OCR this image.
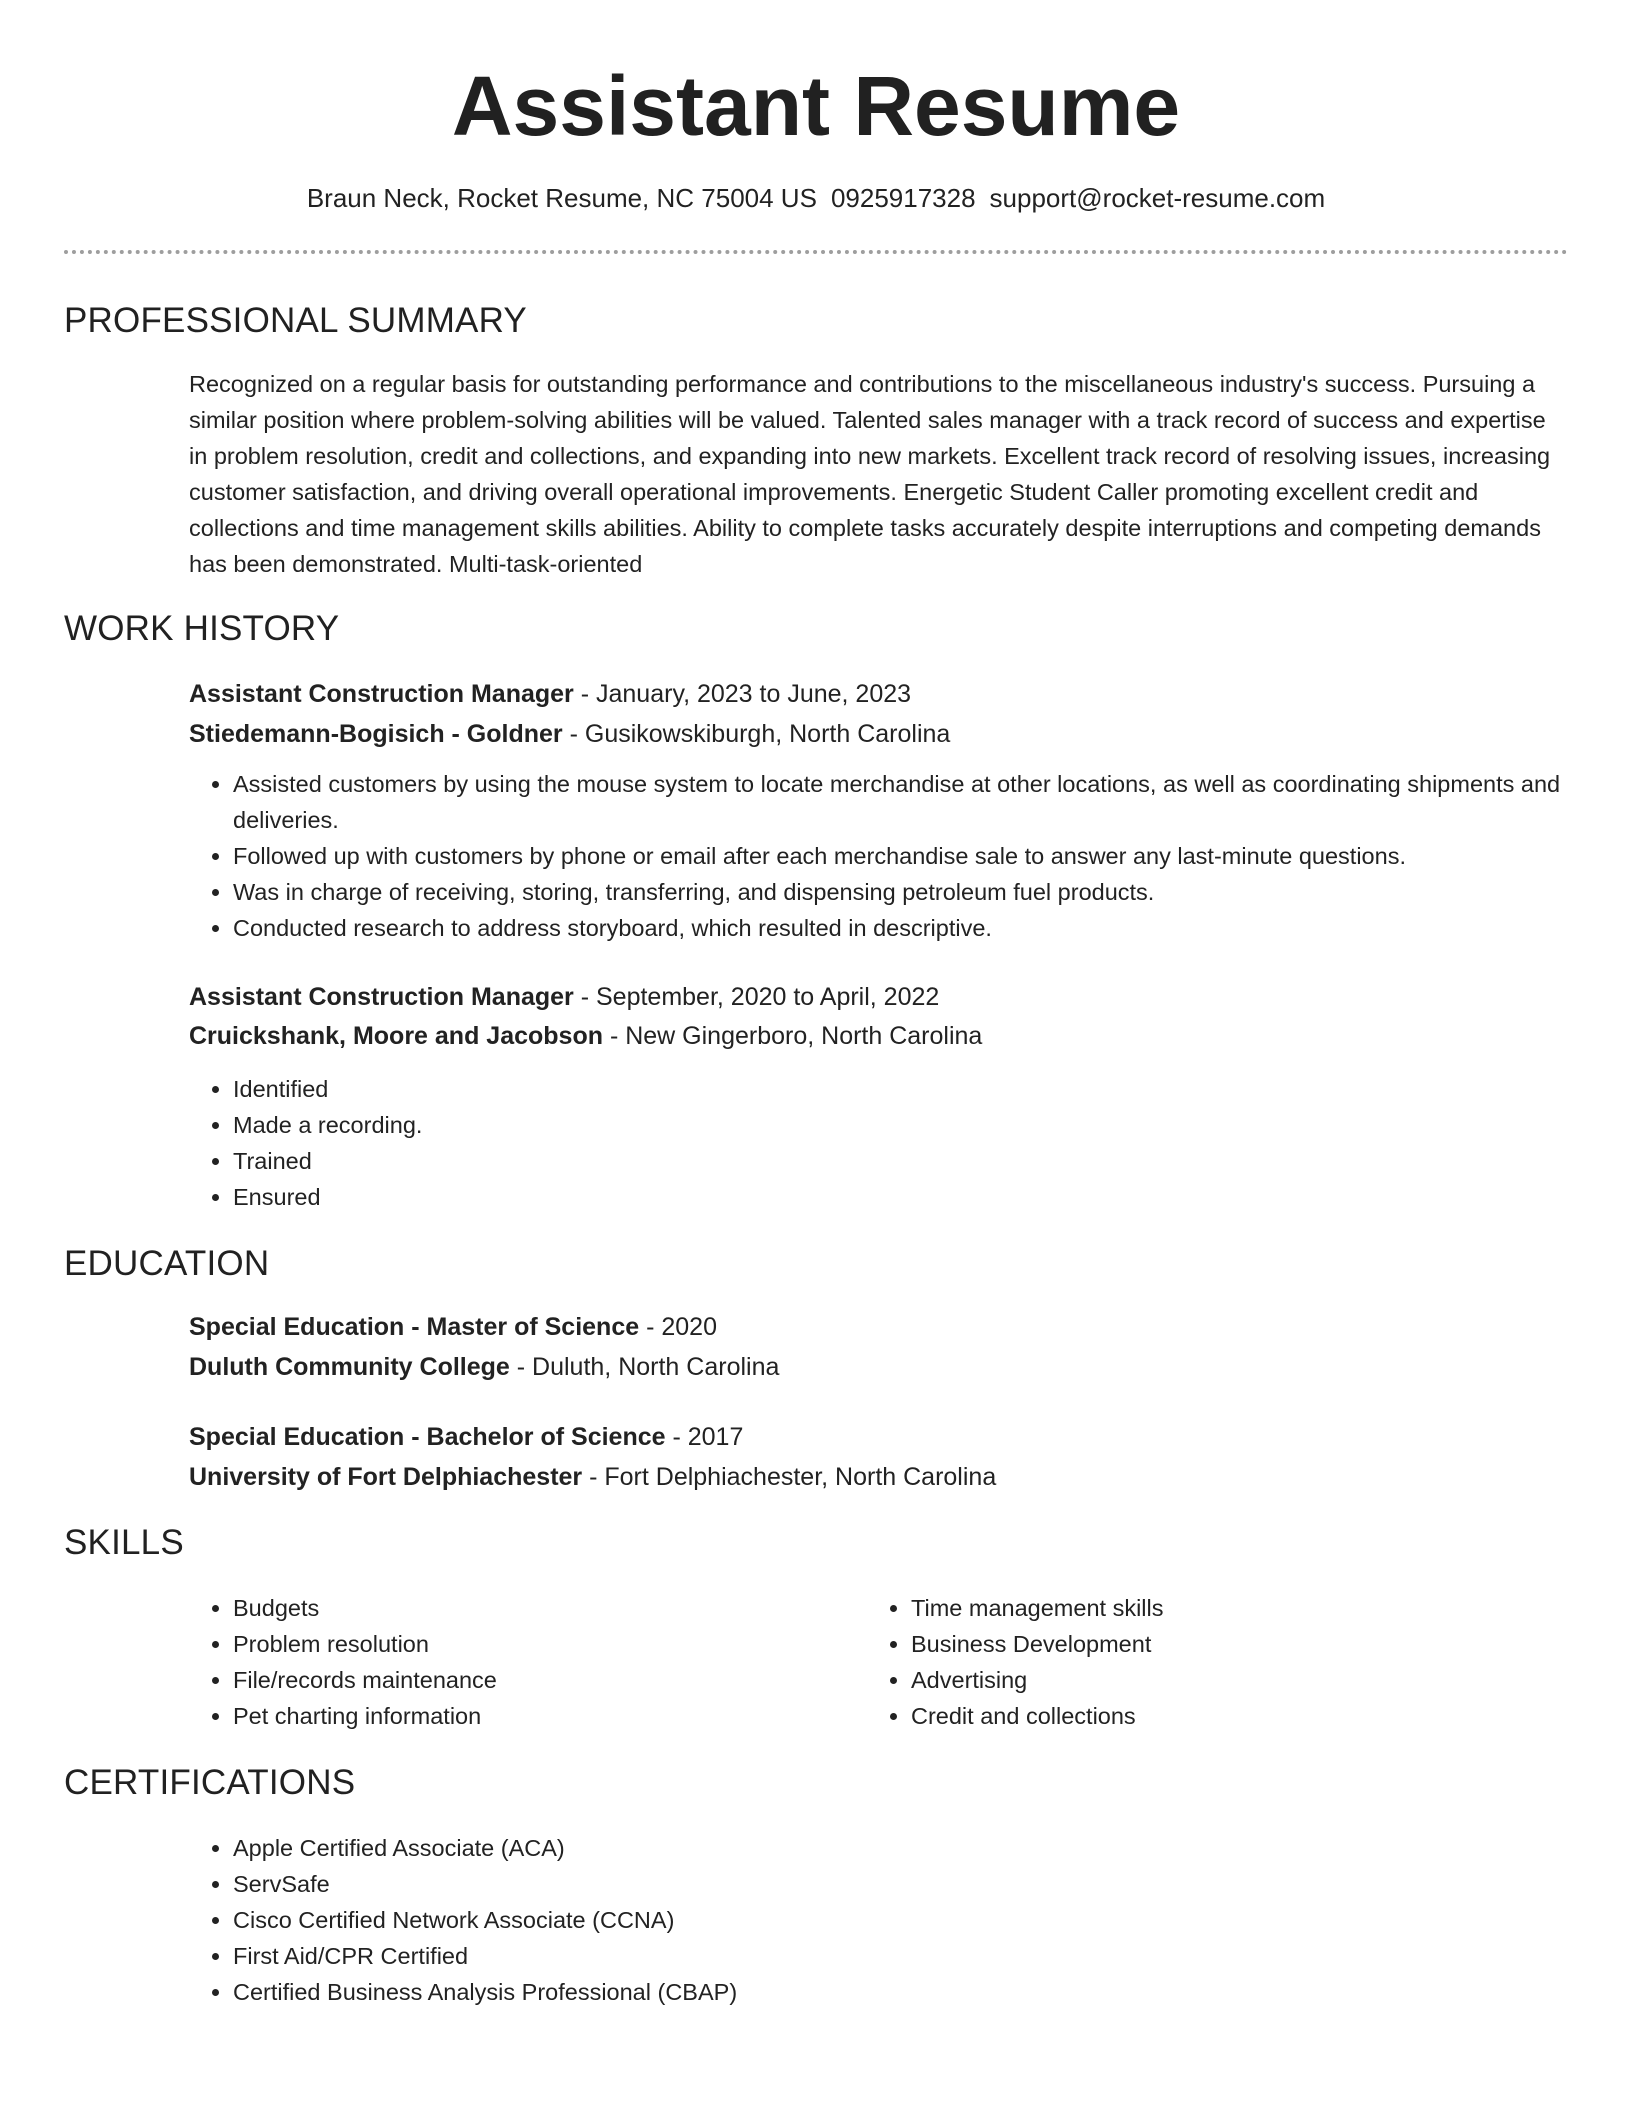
Assistant Resume
Braun Neck, Rocket Resume, NC 75004 US 0925917328 support@rocket-resume.com
PROFESSIONAL SUMMARY
Recognized on a regular basis for outstanding performance and contributions to the miscellaneous industry's success. Pursuing a similar position where problem-solving abilities will be valued. Talented sales manager with a track record of success and expertise in problem resolution, credit and collections, and expanding into new markets. Excellent track record of resolving issues, increasing customer satisfaction, and driving overall operational improvements. Energetic Student Caller promoting excellent credit and collections and time management skills abilities. Ability to complete tasks accurately despite interruptions and competing demands has been demonstrated. Multi-task-oriented
WORK HISTORY
Assistant Construction Manager - January, 2023 to June, 2023
Stiedemann-Bogisich - Goldner - Gusikowskiburgh, North Carolina
• Assisted customers by using the mouse system to locate merchandise at other locations, as well as coordinating shipments and deliveries.
• Followed up with customers by phone or email after each merchandise sale to answer any last-minute questions.
• Was in charge of receiving, storing, transferring, and dispensing petroleum fuel products.
• Conducted research to address storyboard, which resulted in descriptive.
Assistant Construction Manager - September, 2020 to April, 2022
Cruickshank, Moore and Jacobson - New Gingerboro, North Carolina
• Identified
• Made a recording.
• Trained
• Ensured
EDUCATION
Special Education - Master of Science - 2020
Duluth Community College - Duluth, North Carolina
Special Education - Bachelor of Science - 2017
University of Fort Delphiachester - Fort Delphiachester, North Carolina
SKILLS
• Budgets
• Problem resolution
• File/records maintenance
• Pet charting information
• Time management skills
• Business Development
• Advertising
• Credit and collections
CERTIFICATIONS
• Apple Certified Associate (ACA)
• ServSafe
• Cisco Certified Network Associate (CCNA)
• First Aid/CPR Certified
• Certified Business Analysis Professional (CBAP)
